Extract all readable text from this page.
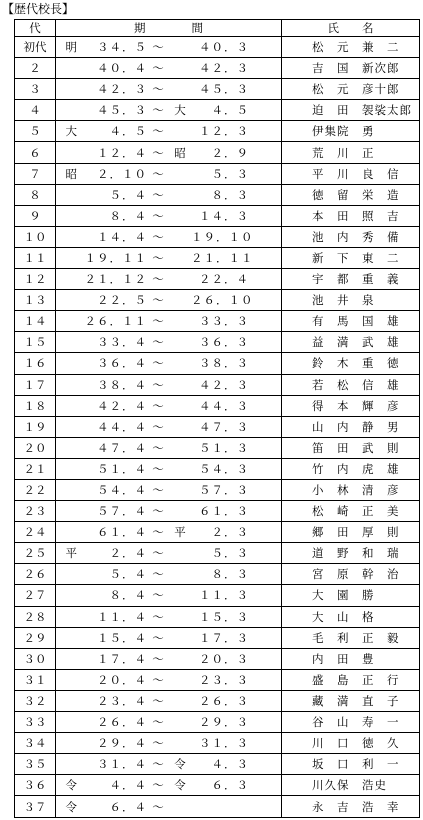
【歴代校長】
代	期　　　　間	氏　　名
初代	明 ３４．５ ～ ４０．３	松　元　兼　二
２	４０．４ ～ ４２．３	吉　国　新次郎
３	４２．３ ～ ４５．３	松　元　彦十郎
４	４５．３ ～ 大 ４．５	迫　田　袈裟太郎
５	大 ４．５ ～ １２．３	伊集院　勇
６	１２．４ ～ 昭 ２．９	荒　川　正
７	昭 ２．１０ ～ ５．３	平　川　良　信
８	５．４ ～ ８．３	徳　留　栄　造
９	８．４ ～ １４．３	本　田　照　吉
１０	１４．４ ～ １９．１０	池　内　秀　備
１１	１９．１１ ～ ２１．１１	新　下　東　二
１２	２１．１２ ～ ２２．４	宇　都　重　義
１３	２２．５ ～ ２６．１０	池　井　泉
１４	２６．１１ ～ ３３．３	有　馬　国　雄
１５	３３．４ ～ ３６．３	益　満　武　雄
１６	３６．４ ～ ３８．３	鈴　木　重　徳
１７	３８．４ ～ ４２．３	若　松　信　雄
１８	４２．４ ～ ４４．３	得　本　輝　彦
１９	４４．４ ～ ４７．３	山　内　静　男
２０	４７．４ ～ ５１．３	笛　田　武　則
２１	５１．４ ～ ５４．３	竹　内　虎　雄
２２	５４．４ ～ ５７．３	小　林　清　彦
２３	５７．４ ～ ６１．３	松　崎　正　美
２４	６１．４ ～ 平 ２．３	郷　田　厚　則
２５	平 ２．４ ～ ５．３	道　野　和　瑞
２６	５．４ ～ ８．３	宮　原　幹　治
２７	８．４ ～ １１．３	大　園　勝
２８	１１．４ ～ １５．３	大　山　格
２９	１５．４ ～ １７．３	毛　利　正　毅
３０	１７．４ ～ ２０．３	内　田　豊
３１	２０．４ ～ ２３．３	盛　島　正　行
３２	２３．４ ～ ２６．３	藏　満　直　子
３３	２６．４ ～ ２９．３	谷　山　寿　一
３４	２９．４ ～ ３１．３	川　口　徳　久
３５	３１．４ ～ 令 ４．３	坂　口　利　一
３６	令 ４．４ ～ 令 ６．３	川久保　浩史
３７	令 ６．４ ～	永　吉　浩　幸
